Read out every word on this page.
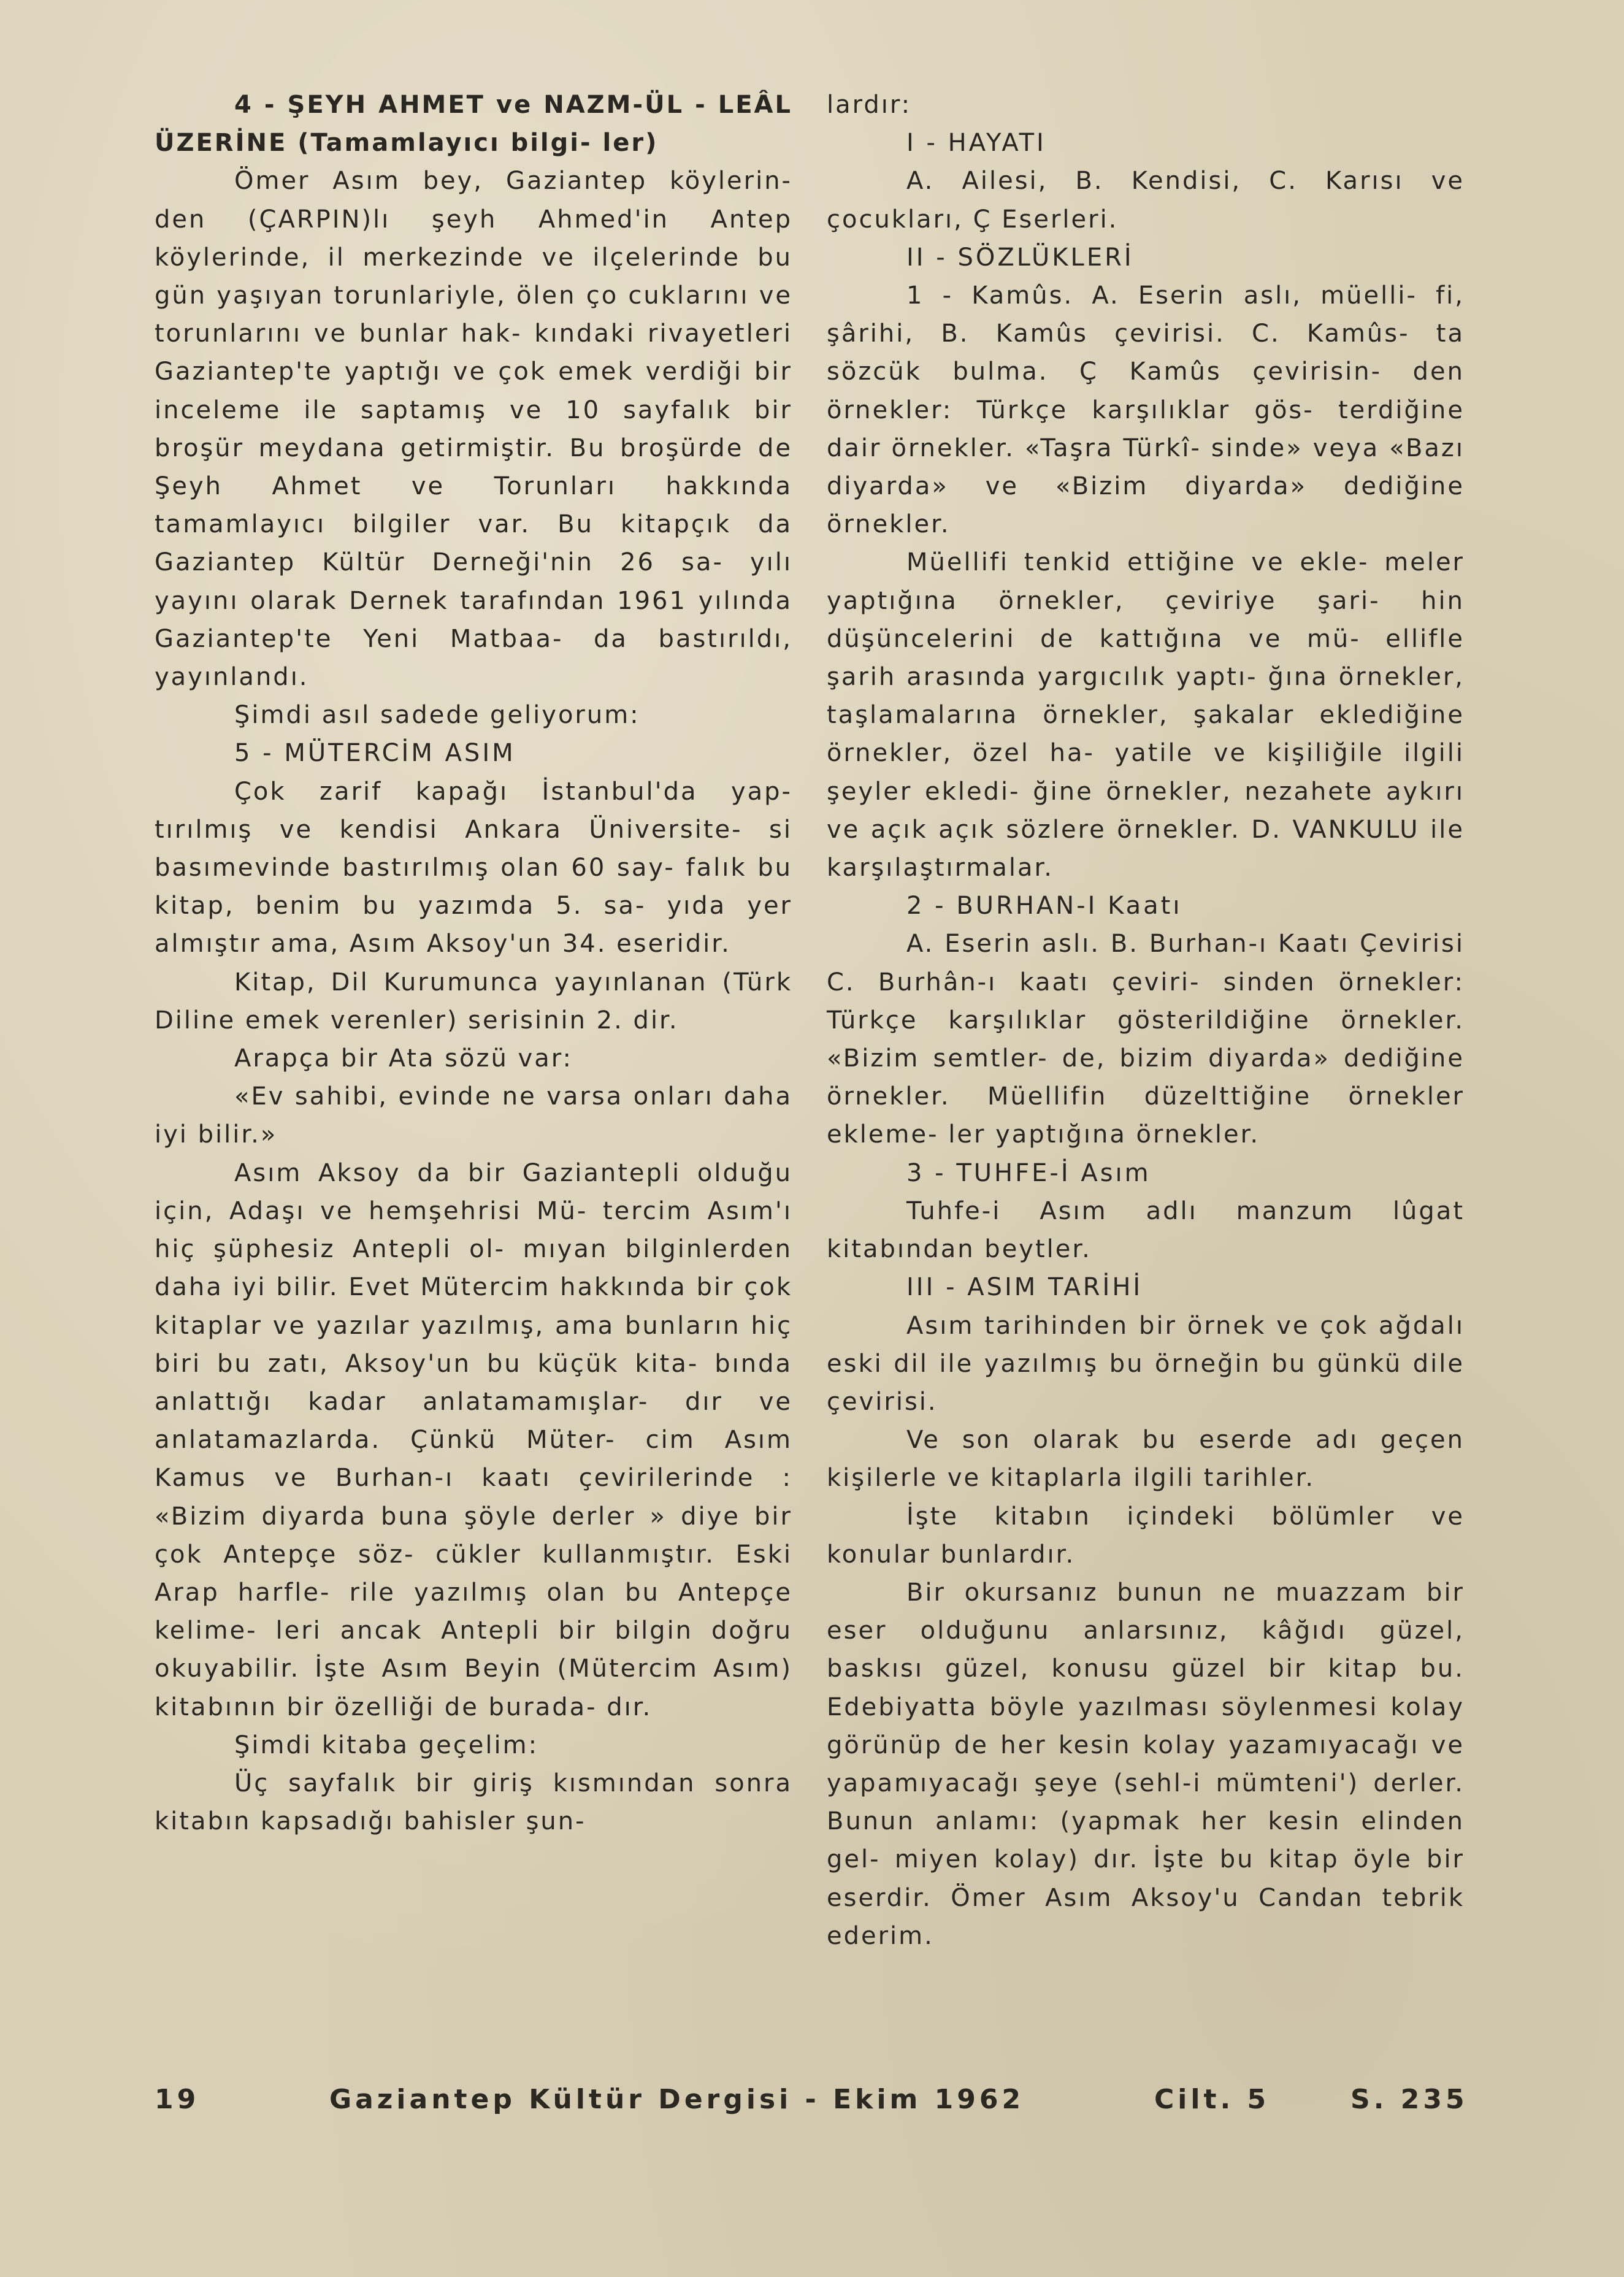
4 - ŞEYH AHMET ve NAZM-ÜL - LEÂL ÜZERİNE (Tamamlayıcı bilgi- ler)

Ömer Asım bey, Gaziantep köylerin- den (ÇARPIN)lı şeyh Ahmed'in Antep köylerinde, il merkezinde ve ilçelerinde bu gün yaşıyan torunlariyle, ölen ço cuklarını ve torunlarını ve bunlar hak- kındaki rivayetleri Gaziantep'te yaptığı ve çok emek verdiği bir inceleme ile saptamış ve 10 sayfalık bir broşür meydana getirmiştir. Bu broşürde de Şeyh Ahmet ve Torunları hakkında tamamlayıcı bilgiler var. Bu kitapçık da Gaziantep Kültür Derneği'nin 26 sa- yılı yayını olarak Dernek tarafından 1961 yılında Gaziantep'te Yeni Matbaa- da bastırıldı, yayınlandı.

Şimdi asıl sadede geliyorum:

5 - MÜTERCİM ASIM

Çok zarif kapağı İstanbul'da yap- tırılmış ve kendisi Ankara Üniversite- si basımevinde bastırılmış olan 60 say- falık bu kitap, benim bu yazımda 5. sa- yıda yer almıştır ama, Asım Aksoy'un 34. eseridir.

Kitap, Dil Kurumunca yayınlanan (Türk Diline emek verenler) serisinin 2. dir.

Arapça bir Ata sözü var:

«Ev sahibi, evinde ne varsa onları daha iyi bilir.»

Asım Aksoy da bir Gaziantepli olduğu için, Adaşı ve hemşehrisi Mü- tercim Asım'ı hiç şüphesiz Antepli ol- mıyan bilginlerden daha iyi bilir. Evet Mütercim hakkında bir çok kitaplar ve yazılar yazılmış, ama bunların hiç biri bu zatı, Aksoy'un bu küçük kita- bında anlattığı kadar anlatamamışlar- dır ve anlatamazlarda. Çünkü Müter- cim Asım Kamus ve Burhan-ı kaatı çevirilerinde : «Bizim diyarda buna şöyle derler » diye bir çok Antepçe söz- cükler kullanmıştır. Eski Arap harfle- rile yazılmış olan bu Antepçe kelime- leri ancak Antepli bir bilgin doğru okuyabilir. İşte Asım Beyin (Mütercim Asım) kitabının bir özelliği de burada- dır.

Şimdi kitaba geçelim:

Üç sayfalık bir giriş kısmından sonra kitabın kapsadığı bahisler şun-

lardır:

I - HAYATI

A. Ailesi, B. Kendisi, C. Karısı ve çocukları, Ç Eserleri.

II - SÖZLÜKLERİ

1 - Kamûs. A. Eserin aslı, müelli- fi, şârihi, B. Kamûs çevirisi. C. Kamûs- ta sözcük bulma. Ç Kamûs çevirisin- den örnekler: Türkçe karşılıklar gös- terdiğine dair örnekler. «Taşra Türkî- sinde» veya «Bazı diyarda» ve «Bizim diyarda» dediğine örnekler.

Müellifi tenkid ettiğine ve ekle- meler yaptığına örnekler, çeviriye şari- hin düşüncelerini de kattığına ve mü- ellifle şarih arasında yargıcılık yaptı- ğına örnekler, taşlamalarına örnekler, şakalar eklediğine örnekler, özel ha- yatile ve kişiliğile ilgili şeyler ekledi- ğine örnekler, nezahete aykırı ve açık açık sözlere örnekler. D. VANKULU ile karşılaştırmalar.

2 - BURHAN-I Kaatı

A. Eserin aslı. B. Burhan-ı Kaatı Çevirisi C. Burhân-ı kaatı çeviri- sinden örnekler: Türkçe karşılıklar gösterildiğine örnekler. «Bizim semtler- de, bizim diyarda» dediğine örnekler. Müellifin düzelttiğine örnekler ekleme- ler yaptığına örnekler.

3 - TUHFE-İ Asım

Tuhfe-i Asım adlı manzum lûgat kitabından beytler.

III - ASIM TARİHİ

Asım tarihinden bir örnek ve çok ağdalı eski dil ile yazılmış bu örneğin bu günkü dile çevirisi.

Ve son olarak bu eserde adı geçen kişilerle ve kitaplarla ilgili tarihler.

İşte kitabın içindeki bölümler ve konular bunlardır.

Bir okursanız bunun ne muazzam bir eser olduğunu anlarsınız, kâğıdı güzel, baskısı güzel, konusu güzel bir kitap bu. Edebiyatta böyle yazılması söylenmesi kolay görünüp de her kesin kolay yazamıyacağı ve yapamıyacağı şeye (sehl-i mümteni') derler. Bunun anlamı: (yapmak her kesin elinden gel- miyen kolay) dır. İşte bu kitap öyle bir eserdir. Ömer Asım Aksoy'u Candan tebrik ederim.

19	Gaziantep Kültür Dergisi - Ekim 1962	Cilt. 5	S. 235
